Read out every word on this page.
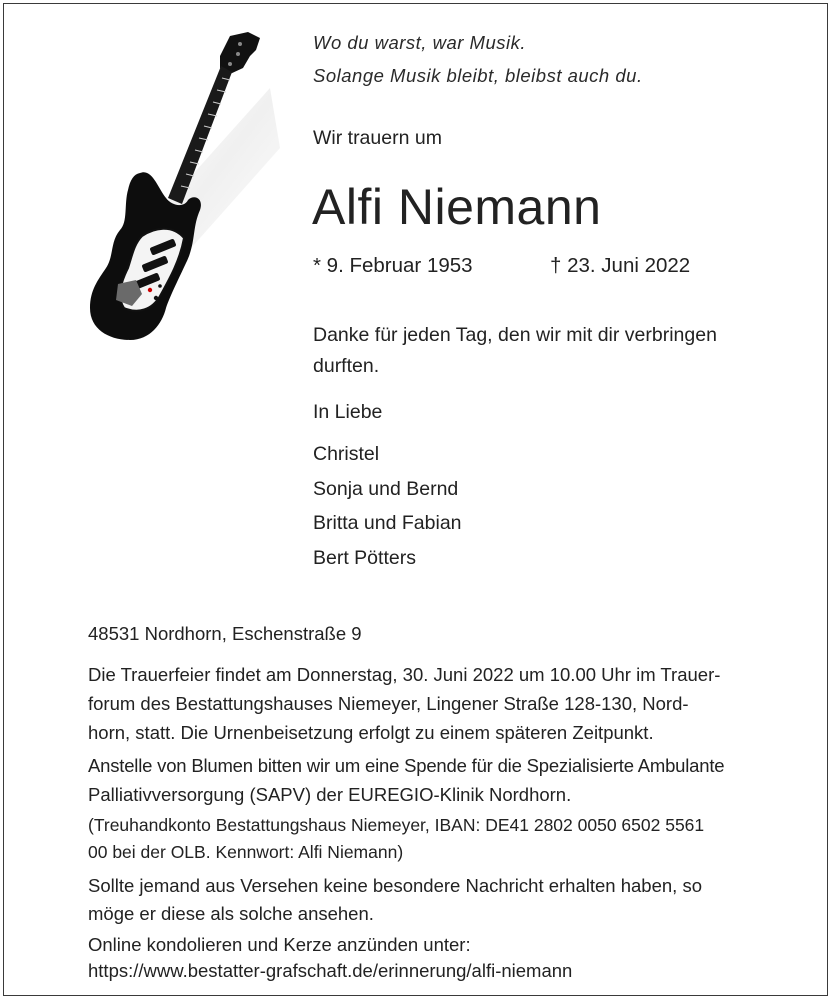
Wo du warst, war Musik.

Solange Musik bleibt, bleibst auch du.

Wir trauern um

Alfi Niemann

* 9. Februar 1953	† 23. Juni 2022

Danke für jeden Tag, den wir mit dir verbringen

durften.

In Liebe

Christel

Sonja und Bernd

Britta und Fabian

Bert Pötters

48531 Nordhorn, Eschenstraße 9

Die Trauerfeier findet am Donnerstag, 30. Juni 2022 um 10.00 Uhr im Trauer-

forum des Bestattungshauses Niemeyer, Lingener Straße 128-130, Nord-

horn, statt. Die Urnenbeisetzung erfolgt zu einem späteren Zeitpunkt.

Anstelle von Blumen bitten wir um eine Spende für die Spezialisierte Ambulante

Palliativversorgung (SAPV) der EUREGIO-Klinik Nordhorn.

(Treuhandkonto Bestattungshaus Niemeyer, IBAN: DE41 2802 0050 6502 5561

00 bei der OLB. Kennwort: Alfi Niemann)

Sollte jemand aus Versehen keine besondere Nachricht erhalten haben, so

möge er diese als solche ansehen.

Online kondolieren und Kerze anzünden unter:

https://www.bestatter-grafschaft.de/erinnerung/alfi-niemann
